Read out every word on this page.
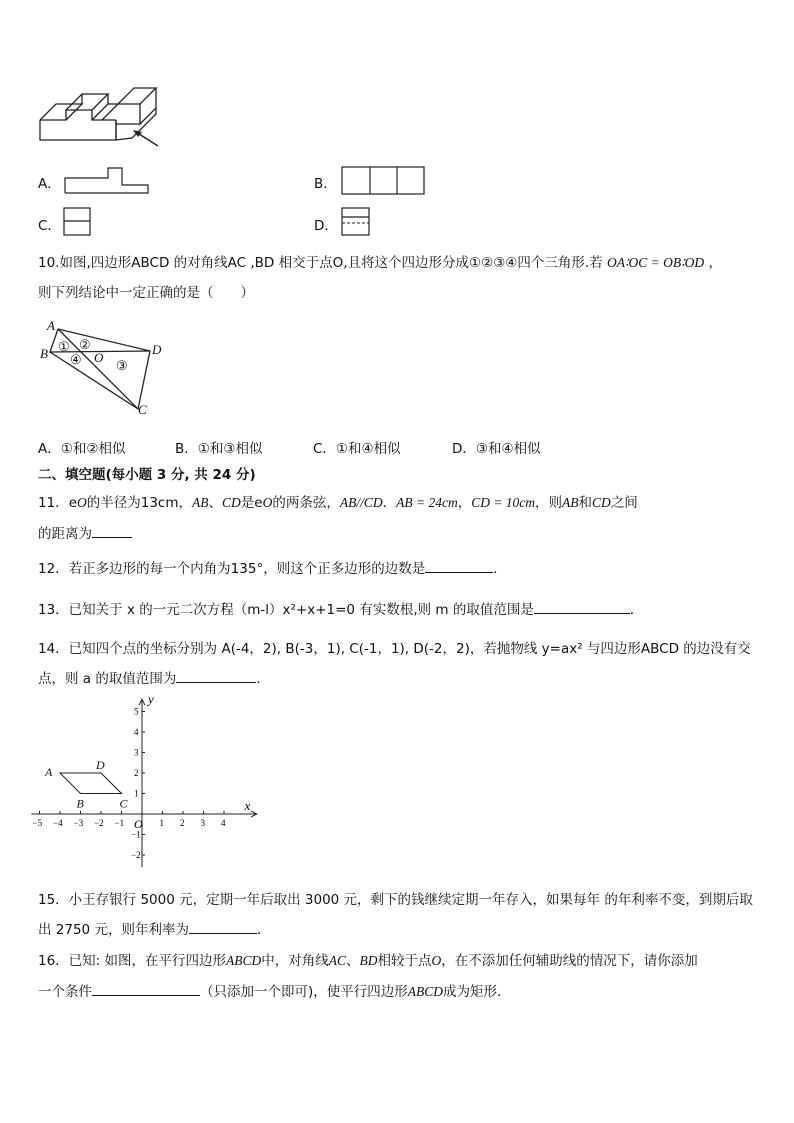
A．	B．
C．	D．
10.如图,四边形ABCD 的对角线AC ,BD 相交于点O,且将这个四边形分成①②③④四个三角形.若 OA∶OC = OB∶OD ，
则下列结论中一定正确的是（　　）
A
B ① ②
④ O
③
D
C
A．①和②相似	B．①和③相似	C．①和④相似	D．③和④相似
二、填空题(每小题 3 分, 共 24 分)
11．eO的半径为13cm，AB、CD是eO的两条弦，AB//CD．AB = 24cm，CD = 10cm，则AB和CD之间
的距离为
12．若正多边形的每一个内角为135°，则这个正多边形的边数是	.
13．已知关于 x 的一元二次方程（m-l）x²+x+1=0 有实数根,则 m 的取值范围是	．
14．已知四个点的坐标分别为 A(-4，2), B(-3，1), C(-1，1), D(-2，2)，若抛物线 y=ax² 与四边形ABCD 的边没有交
点，则 a 的取值范围为	.
−5 −4 −3 −2 −1	1 2 3 4
5
4
3
2
1
−1
−2
A
B	C
D
x
y
O
15．小王存银行 5000 元，定期一年后取出 3000 元，剩下的钱继续定期一年存入，如果每年 的年利率不变，到期后取
出 2750 元，则年利率为	．
16．已知: 如图，在平行四边形ABCD中，对角线AC、BD相较于点O，在不添加任何辅助线的情况下，请你添加
一个条件	（只添加一个即可)，使平行四边形ABCD成为矩形．
